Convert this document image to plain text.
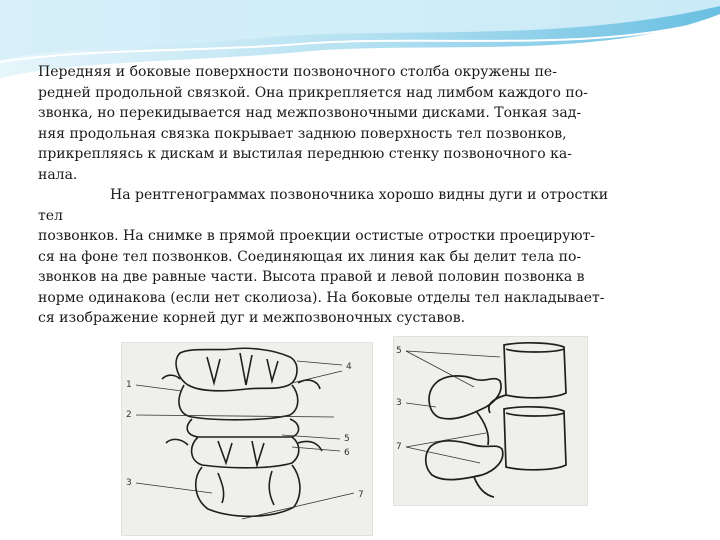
Передняя и боковые поверхности позвоночного столба окружены пе-
редней продольной связкой. Она прикрепляется над лимбом каждого по-
звонка, но перекидывается над межпозвоночными дисками. Тонкая зад-
няя продольная связка покрывает заднюю поверхность тел позвонков,
прикрепляясь к дискам и выстилая переднюю стенку позвоночного ка-
нала.
На рентгенограммах позвоночника хорошо видны дуги и отростки
тел
позвонков. На снимке в прямой проекции остистые отростки проецируют-
ся на фоне тел позвонков. Соединяющая их линия как бы делит тела по-
звонков на две равные части. Высота правой и левой половин позвонка в
норме одинакова (если нет сколиоза). На боковые отделы тел накладывает-
ся изображение корней дуг и межпозвоночных суставов.
1
2
3
4
5
6
7
5
3
7
